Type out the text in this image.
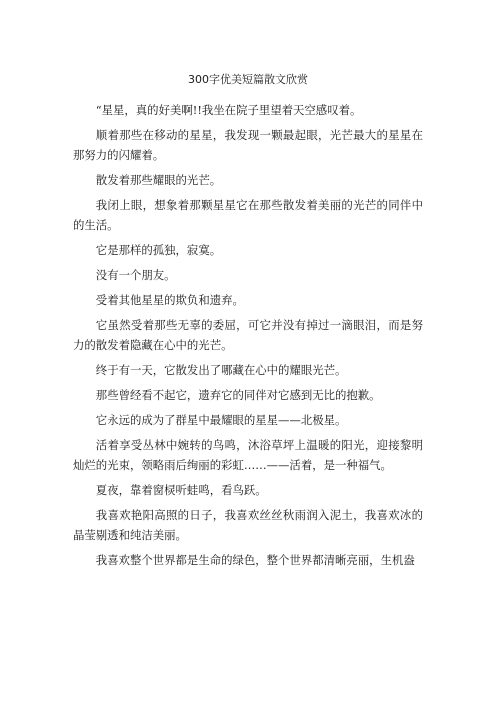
300字优美短篇散文欣赏

“星星，真的好美啊!!我坐在院子里望着天空感叹着。

顺着那些在移动的星星，我发现一颗最起眼，光芒最大的星星在那努力的闪耀着。

散发着那些耀眼的光芒。

我闭上眼，想象着那颗星星它在那些散发着美丽的光芒的同伴中的生活。

它是那样的孤独，寂寞。

没有一个朋友。

受着其他星星的欺负和遗弃。

它虽然受着那些无辜的委屈，可它并没有掉过一滴眼泪，而是努力的散发着隐藏在心中的光芒。

终于有一天，它散发出了哪藏在心中的耀眼光芒。

那些曾经看不起它，遗弃它的同伴对它感到无比的抱歉。

它永远的成为了群星中最耀眼的星星——北极星。

活着享受丛林中婉转的鸟鸣，沐浴草坪上温暖的阳光，迎接黎明灿烂的光束，领略雨后绚丽的彩虹……——活着，是一种福气。

夏夜，靠着窗棂听蛙鸣，看鸟跃。

我喜欢艳阳高照的日子，我喜欢丝丝秋雨润入泥土，我喜欢冰的晶莹剔透和纯洁美丽。

我喜欢整个世界都是生命的绿色，整个世界都清晰亮丽，生机盎
